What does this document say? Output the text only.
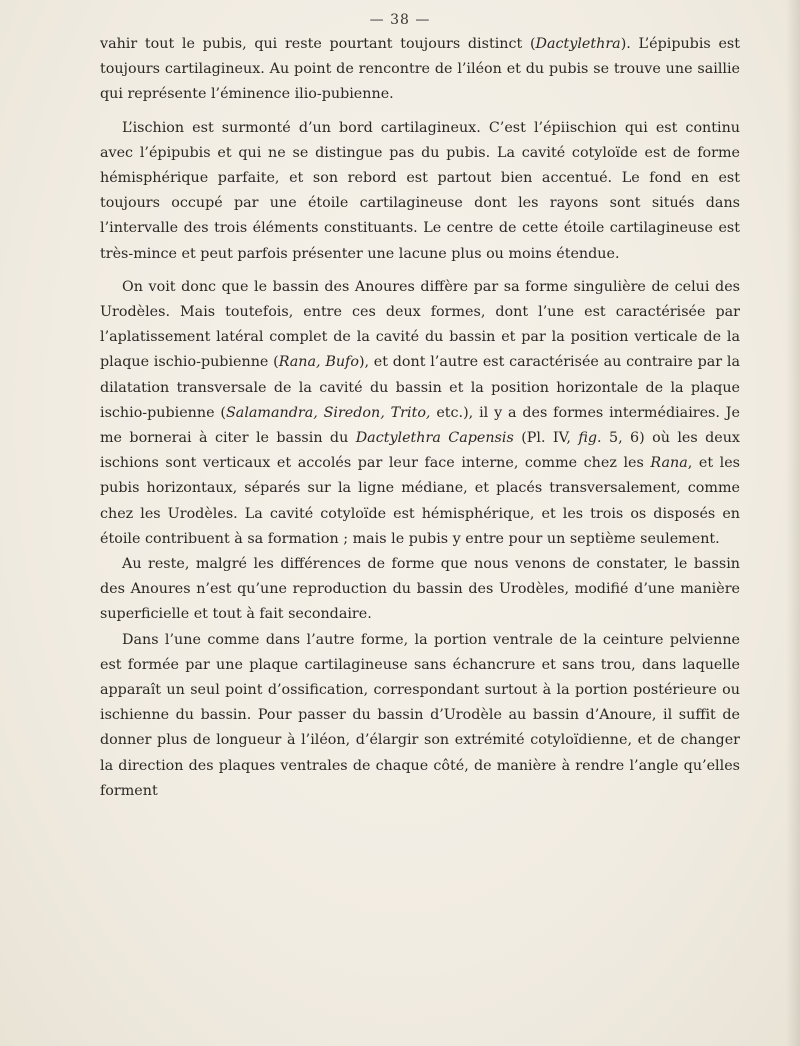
— 38 —

vahir tout le pubis, qui reste pourtant toujours distinct (Dactylethra). L’épipubis est toujours cartilagineux. Au point de rencontre de l’iléon et du pubis se trouve une saillie qui représente l’éminence ilio-pubienne.

L’ischion est surmonté d’un bord cartilagineux. C’est l’épiischion qui est continu avec l’épipubis et qui ne se distingue pas du pubis. La cavité cotyloïde est de forme hémisphérique parfaite, et son rebord est partout bien accentué. Le fond en est toujours occupé par une étoile cartilagineuse dont les rayons sont situés dans l’intervalle des trois éléments constituants. Le centre de cette étoile cartilagineuse est très-mince et peut parfois présenter une lacune plus ou moins étendue.

On voit donc que le bassin des Anoures diffère par sa forme singulière de celui des Urodèles. Mais toutefois, entre ces deux formes, dont l’une est caractérisée par l’aplatissement latéral complet de la cavité du bassin et par la position verticale de la plaque ischio-pubienne (Rana, Bufo), et dont l’autre est caractérisée au contraire par la dilatation transversale de la cavité du bassin et la position horizontale de la plaque ischio-pubienne (Salamandra, Siredon, Trito, etc.), il y a des formes intermédiaires. Je me bornerai à citer le bassin du Dactylethra Capensis (Pl. IV, fig. 5, 6) où les deux ischions sont verticaux et accolés par leur face interne, comme chez les Rana, et les pubis horizontaux, séparés sur la ligne médiane, et placés transversalement, comme chez les Urodèles. La cavité cotyloïde est hémisphérique, et les trois os disposés en étoile contribuent à sa formation ; mais le pubis y entre pour un septième seulement.

Au reste, malgré les différences de forme que nous venons de constater, le bassin des Anoures n’est qu’une reproduction du bassin des Urodèles, modifié d’une manière superficielle et tout à fait secondaire.

Dans l’une comme dans l’autre forme, la portion ventrale de la ceinture pelvienne est formée par une plaque cartilagineuse sans échancrure et sans trou, dans laquelle apparaît un seul point d’ossification, correspondant surtout à la portion postérieure ou ischienne du bassin. Pour passer du bassin d’Urodèle au bassin d’Anoure, il suffit de donner plus de longueur à l’iléon, d’élargir son extrémité cotyloïdienne, et de changer la direction des plaques ventrales de chaque côté, de manière à rendre l’angle qu’elles forment
